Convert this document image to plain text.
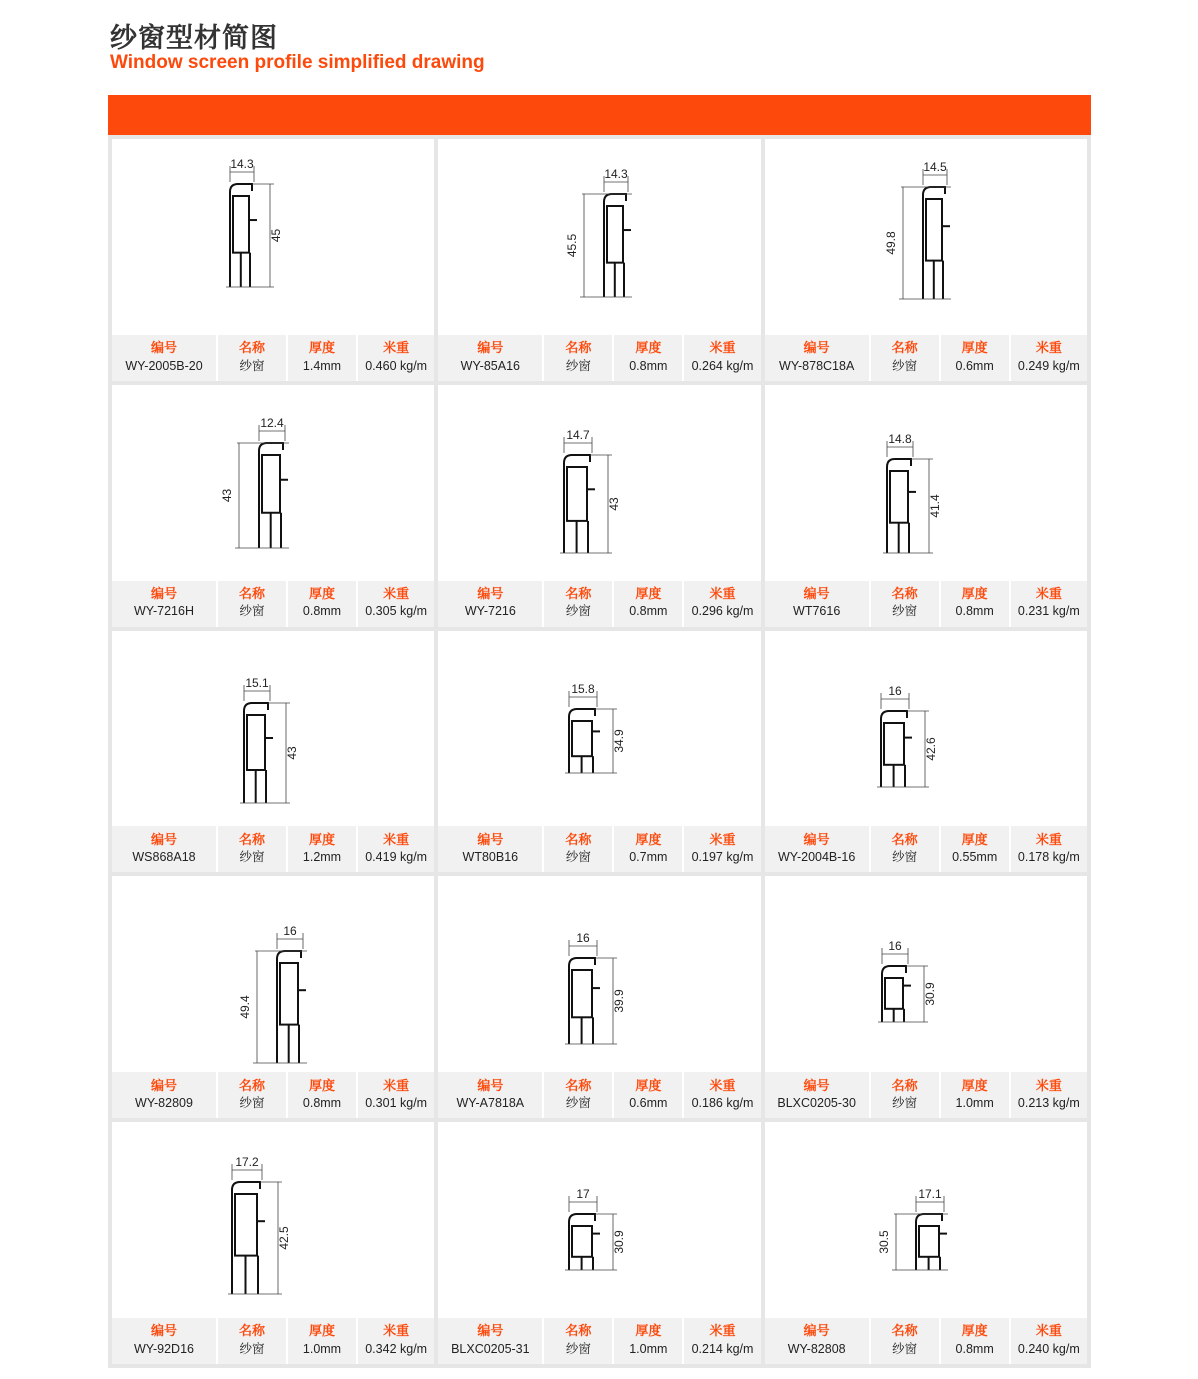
纱窗型材简图
Window screen profile simplified drawing
14.3
45
编号
WY-2005B-20
名称
纱窗
厚度
1.4mm
米重
0.460 kg/m
14.3
45.5
编号
WY-85A16
名称
纱窗
厚度
0.8mm
米重
0.264 kg/m
14.5
49.8
编号
WY-878C18A
名称
纱窗
厚度
0.6mm
米重
0.249 kg/m
12.4
43
编号
WY-7216H
名称
纱窗
厚度
0.8mm
米重
0.305 kg/m
14.7
43
编号
WY-7216
名称
纱窗
厚度
0.8mm
米重
0.296 kg/m
14.8
41.4
编号
WT7616
名称
纱窗
厚度
0.8mm
米重
0.231 kg/m
15.1
43
编号
WS868A18
名称
纱窗
厚度
1.2mm
米重
0.419 kg/m
15.8
34.9
编号
WT80B16
名称
纱窗
厚度
0.7mm
米重
0.197 kg/m
16
42.6
编号
WY-2004B-16
名称
纱窗
厚度
0.55mm
米重
0.178 kg/m
16
49.4
编号
WY-82809
名称
纱窗
厚度
0.8mm
米重
0.301 kg/m
16
39.9
编号
WY-A7818A
名称
纱窗
厚度
0.6mm
米重
0.186 kg/m
16
30.9
编号
BLXC0205-30
名称
纱窗
厚度
1.0mm
米重
0.213 kg/m
17.2
42.5
编号
WY-92D16
名称
纱窗
厚度
1.0mm
米重
0.342 kg/m
17
30.9
编号
BLXC0205-31
名称
纱窗
厚度
1.0mm
米重
0.214 kg/m
17.1
30.5
编号
WY-82808
名称
纱窗
厚度
0.8mm
米重
0.240 kg/m
